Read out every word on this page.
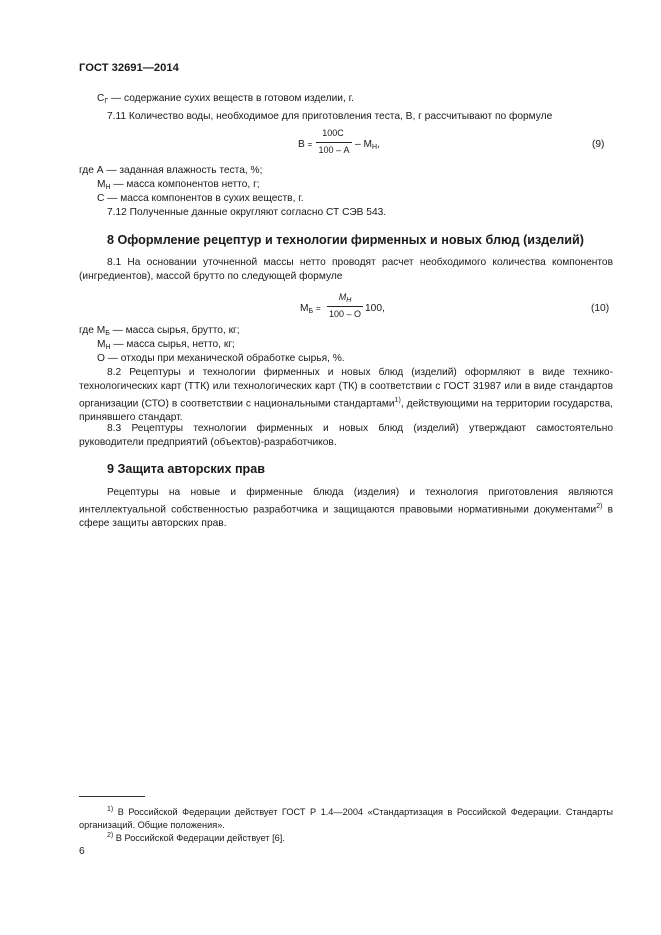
ГОСТ 32691—2014
$С_Г$ — содержание сухих веществ в готовом изделии, г.
7.11 Количество воды, необходимое для приготовления теста, В, г рассчитывают по формуле
В =
100С
100 – А – $М_Н$,	(9)
где А — заданная влажность теста, %;
$М_Н$ — масса компонентов нетто, г;
С — масса компонентов в сухих веществ, г.
7.12 Полученные данные округляют согласно СТ СЭВ 543.
8 Оформление рецептур и технологии фирменных и новых блюд (изделий)
8.1 На основании уточненной массы нетто проводят расчет необходимого количества компонентов (ингредиентов), массой брутто по следующей формуле
$М_Б$ =
$М_Н$
100 – О 100,	(10)
где $М_Б$ — масса сырья, брутто, кг;
$М_Н$ — масса сырья, нетто, кг;
О — отходы при механической обработке сырья, %.
8.2 Рецептуры и технологии фирменных и новых блюд (изделий) оформляют в виде технико-технологических карт (ТТК) или технологических карт (ТК) в соответствии с ГОСТ 31987 или в виде стандартов организации (СТО) в соответствии с национальными стандартами$^{1)}$, действующими на территории государства, принявшего стандарт.
8.3 Рецептуры технологии фирменных и новых блюд (изделий) утверждают самостоятельно руководители предприятий (объектов)-разработчиков.
9 Защита авторских прав
Рецептуры на новые и фирменные блюда (изделия) и технология приготовления являются интеллектуальной собственностью разработчика и защищаются правовыми нормативными документами$^{2)}$ в сфере защиты авторских прав.
$^{1)}$ В Российской Федерации действует ГОСТ Р 1.4—2004 «Стандартизация в Российской Федерации. Стандарты организаций. Общие положения».
$^{2)}$ В Российской Федерации действует [6].
6
